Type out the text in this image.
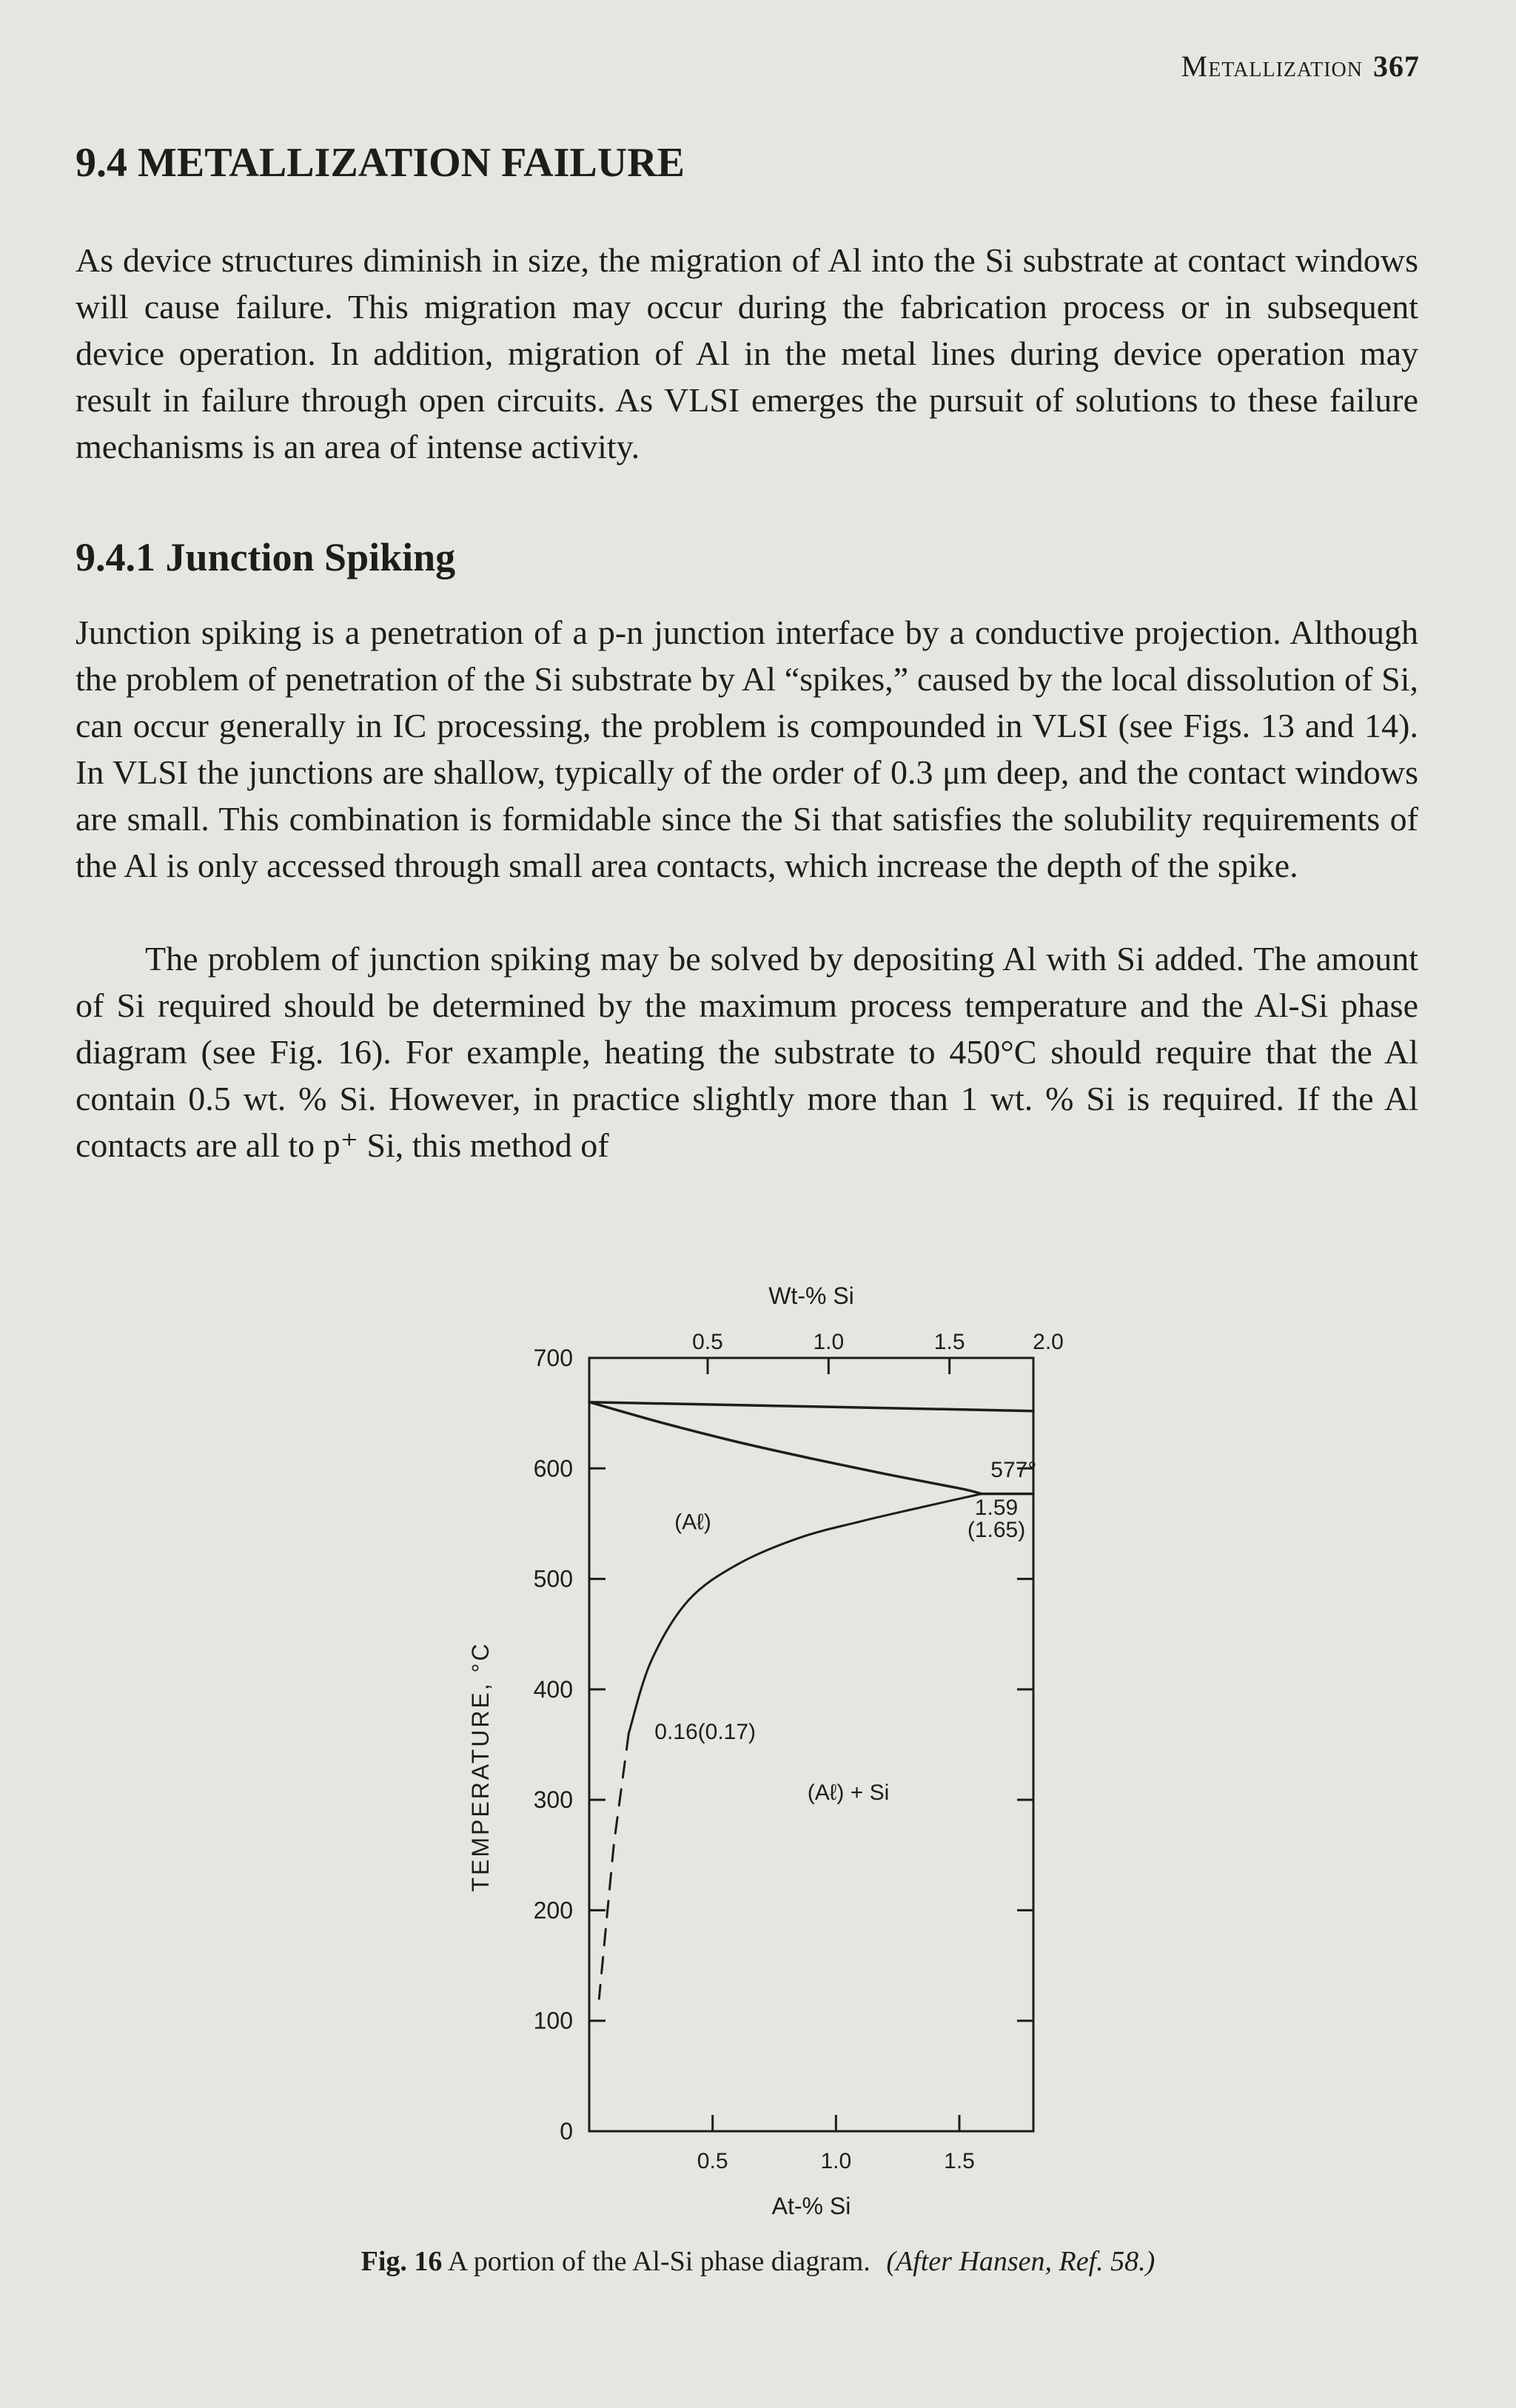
Metallization 367
9.4 METALLIZATION FAILURE

As device structures diminish in size, the migration of Al into the Si substrate at contact windows will cause failure. This migration may occur during the fabrication process or in subsequent device operation. In addition, migration of Al in the metal lines during device operation may result in failure through open circuits. As VLSI emerges the pursuit of solutions to these failure mechanisms is an area of intense activity.

9.4.1 Junction Spiking

Junction spiking is a penetration of a p-n junction interface by a conductive projection. Although the problem of penetration of the Si substrate by Al “spikes,” caused by the local dissolution of Si, can occur generally in IC processing, the problem is compounded in VLSI (see Figs. 13 and 14). In VLSI the junctions are shallow, typically of the order of 0.3 μm deep, and the contact windows are small. This combination is formidable since the Si that satisfies the solubility requirements of the Al is only accessed through small area contacts, which increase the depth of the spike.

The problem of junction spiking may be solved by depositing Al with Si added. The amount of Si required should be determined by the maximum process temperature and the Al-Si phase diagram (see Fig. 16). For example, heating the substrate to 450°C should require that the Al contain 0.5 wt. % Si. However, in practice slightly more than 1 wt. % Si is required. If the Al contacts are all to p⁺ Si, this method of

0
100
200
300
400
500
600
700
0.5	1.0	1.5
0.5	1.0	1.5	2.0
577°
1.59
(1.65)
(Aℓ)
0.16(0.17)
(Aℓ) + Si
Wt-% Si
At-% Si
TEMPERATURE, °C
Fig. 16 A portion of the Al-Si phase diagram. (After Hansen, Ref. 58.)
